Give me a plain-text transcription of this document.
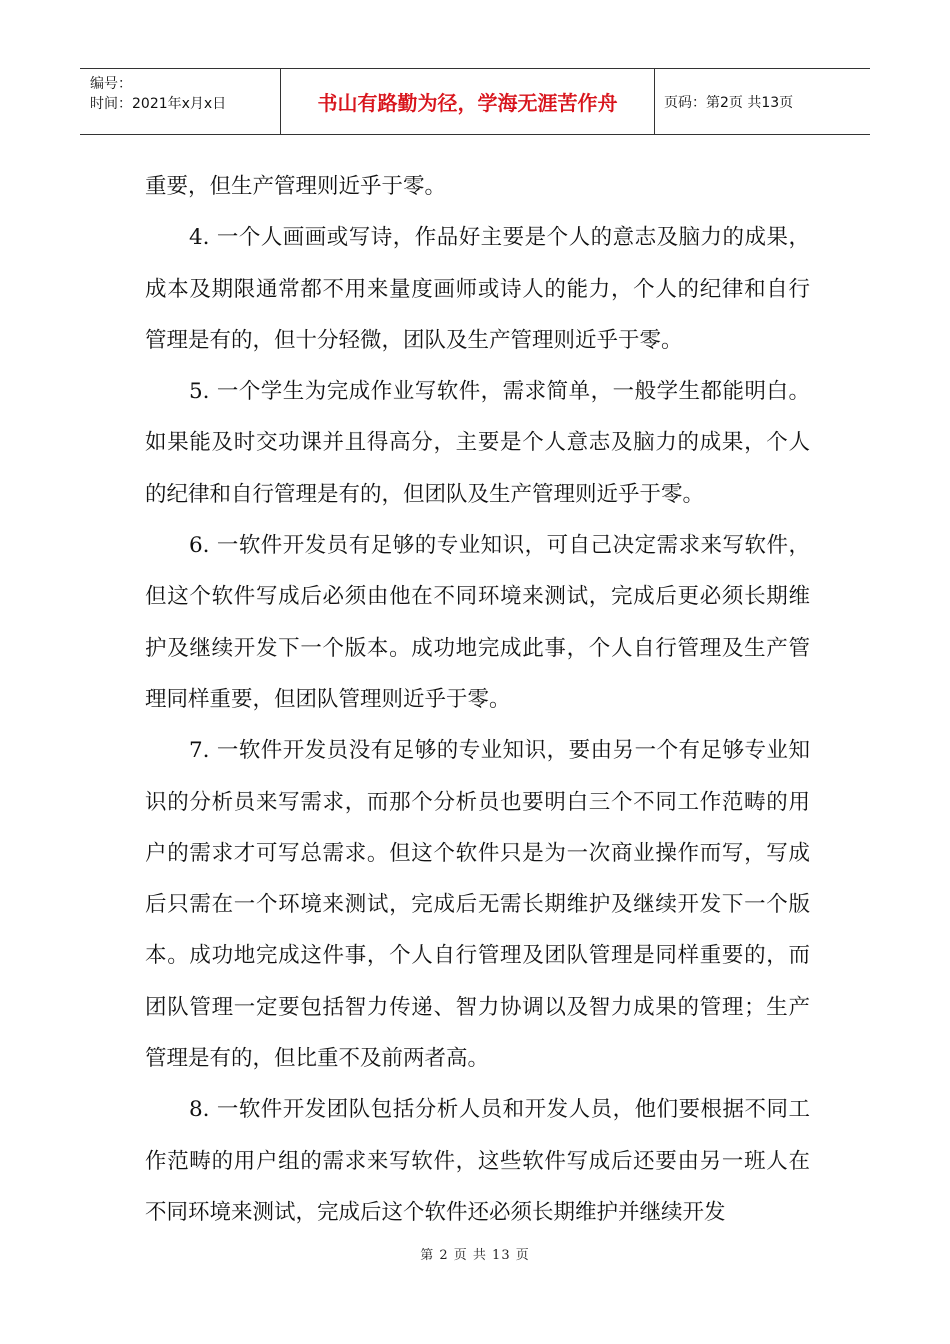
编号：
时间：2021年x月x日	书山有路勤为径，学海无涯苦作舟	页码：第2页 共13页

重要，但生产管理则近乎于零。

4. 一个人画画或写诗，作品好主要是个人的意志及脑力的成果，成本及期限通常都不用来量度画师或诗人的能力，个人的纪律和自行管理是有的，但十分轻微，团队及生产管理则近乎于零。

5. 一个学生为完成作业写软件，需求简单，一般学生都能明白。如果能及时交功课并且得高分，主要是个人意志及脑力的成果，个人的纪律和自行管理是有的，但团队及生产管理则近乎于零。

6. 一软件开发员有足够的专业知识，可自己决定需求来写软件，但这个软件写成后必须由他在不同环境来测试，完成后更必须长期维护及继续开发下一个版本。成功地完成此事，个人自行管理及生产管理同样重要，但团队管理则近乎于零。

7. 一软件开发员没有足够的专业知识，要由另一个有足够专业知识的分析员来写需求，而那个分析员也要明白三个不同工作范畴的用户的需求才可写总需求。但这个软件只是为一次商业操作而写，写成后只需在一个环境来测试，完成后无需长期维护及继续开发下一个版本。成功地完成这件事，个人自行管理及团队管理是同样重要的，而团队管理一定要包括智力传递、智力协调以及智力成果的管理；生产管理是有的，但比重不及前两者高。

8. 一软件开发团队包括分析人员和开发人员，他们要根据不同工作范畴的用户组的需求来写软件，这些软件写成后还要由另一班人在不同环境来测试，完成后这个软件还必须长期维护并继续开发

第 2 页 共 13 页
